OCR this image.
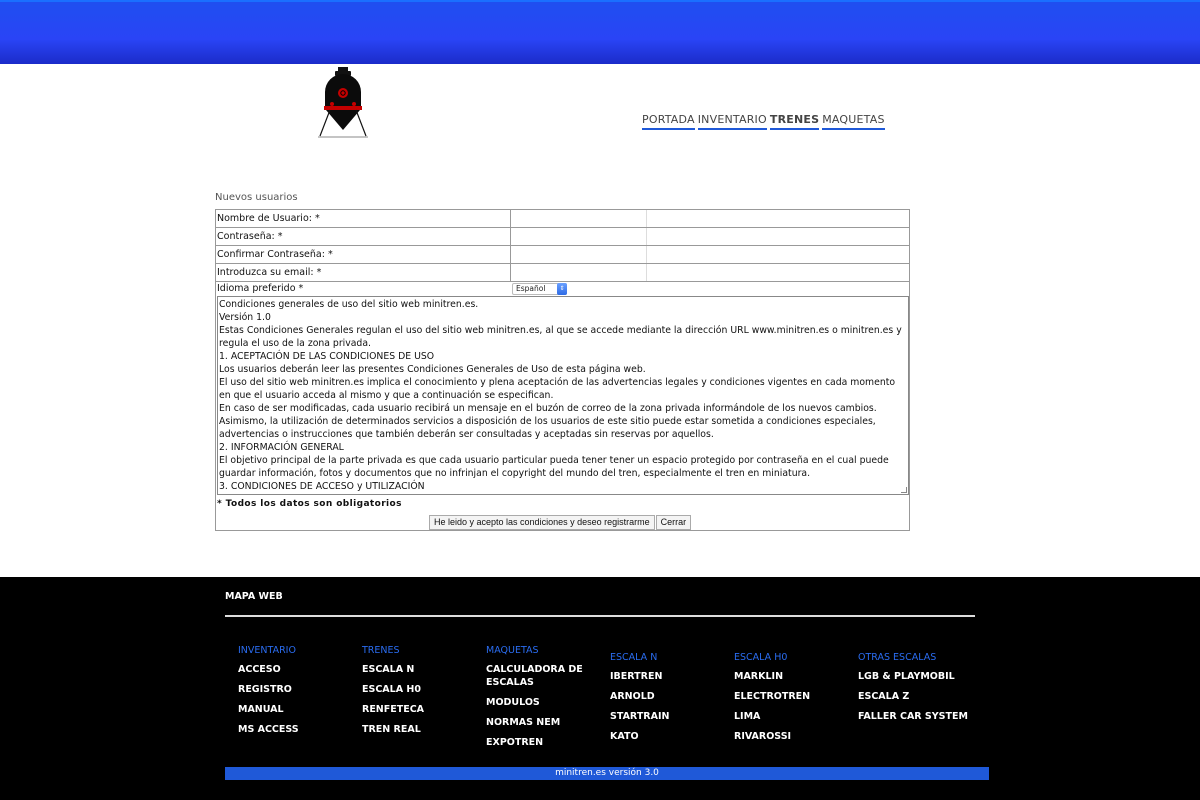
PORTADA INVENTARIO TRENES MAQUETAS
Nuevos usuarios
Nombre de Usuario: *
Contraseña: *
Confirmar Contraseña: *
Introduzca su email: *
Idioma preferido *	Español	⇕

Condiciones generales de uso del sitio web minitren.es.

Versión 1.0

Estas Condiciones Generales regulan el uso del sitio web minitren.es, al que se accede mediante la dirección URL www.minitren.es o minitren.es y regula el uso de la zona privada.

1. ACEPTACIÓN DE LAS CONDICIONES DE USO

Los usuarios deberán leer las presentes Condiciones Generales de Uso de esta página web.

El uso del sitio web minitren.es implica el conocimiento y plena aceptación de las advertencias legales y condiciones vigentes en cada momento en que el usuario acceda al mismo y que a continuación se especifican.

En caso de ser modificadas, cada usuario recibirá un mensaje en el buzón de correo de la zona privada informándole de los nuevos cambios.

Asimismo, la utilización de determinados servicios a disposición de los usuarios de este sitio puede estar sometida a condiciones especiales, advertencias o instrucciones que también deberán ser consultadas y aceptadas sin reservas por aquellos.

2. INFORMACIÓN GENERAL

El objetivo principal de la parte privada es que cada usuario particular pueda tener tener un espacio protegido por contraseña en el cual puede guardar información, fotos y documentos que no infrinjan el copyright del mundo del tren, especialmente el tren en miniatura.

3. CONDICIONES DE ACCESO y UTILIZACIÓN

* Todos los datos son obligatorios
He leido y acepto las condiciones y deseo registrarme	Cerrar
MAPA WEB
INVENTARIO
ACCESO
REGISTRO
MANUAL
MS ACCESS
TRENES
ESCALA N
ESCALA H0
RENFETECA
TREN REAL
MAQUETAS
CALCULADORA DE ESCALAS
MODULOS
NORMAS NEM
EXPOTREN
ESCALA N
IBERTREN
ARNOLD
STARTRAIN
KATO
ESCALA H0
MARKLIN
ELECTROTREN
LIMA
RIVAROSSI
OTRAS ESCALAS
LGB & PLAYMOBIL
ESCALA Z
FALLER CAR SYSTEM
minitren.es versión 3.0
